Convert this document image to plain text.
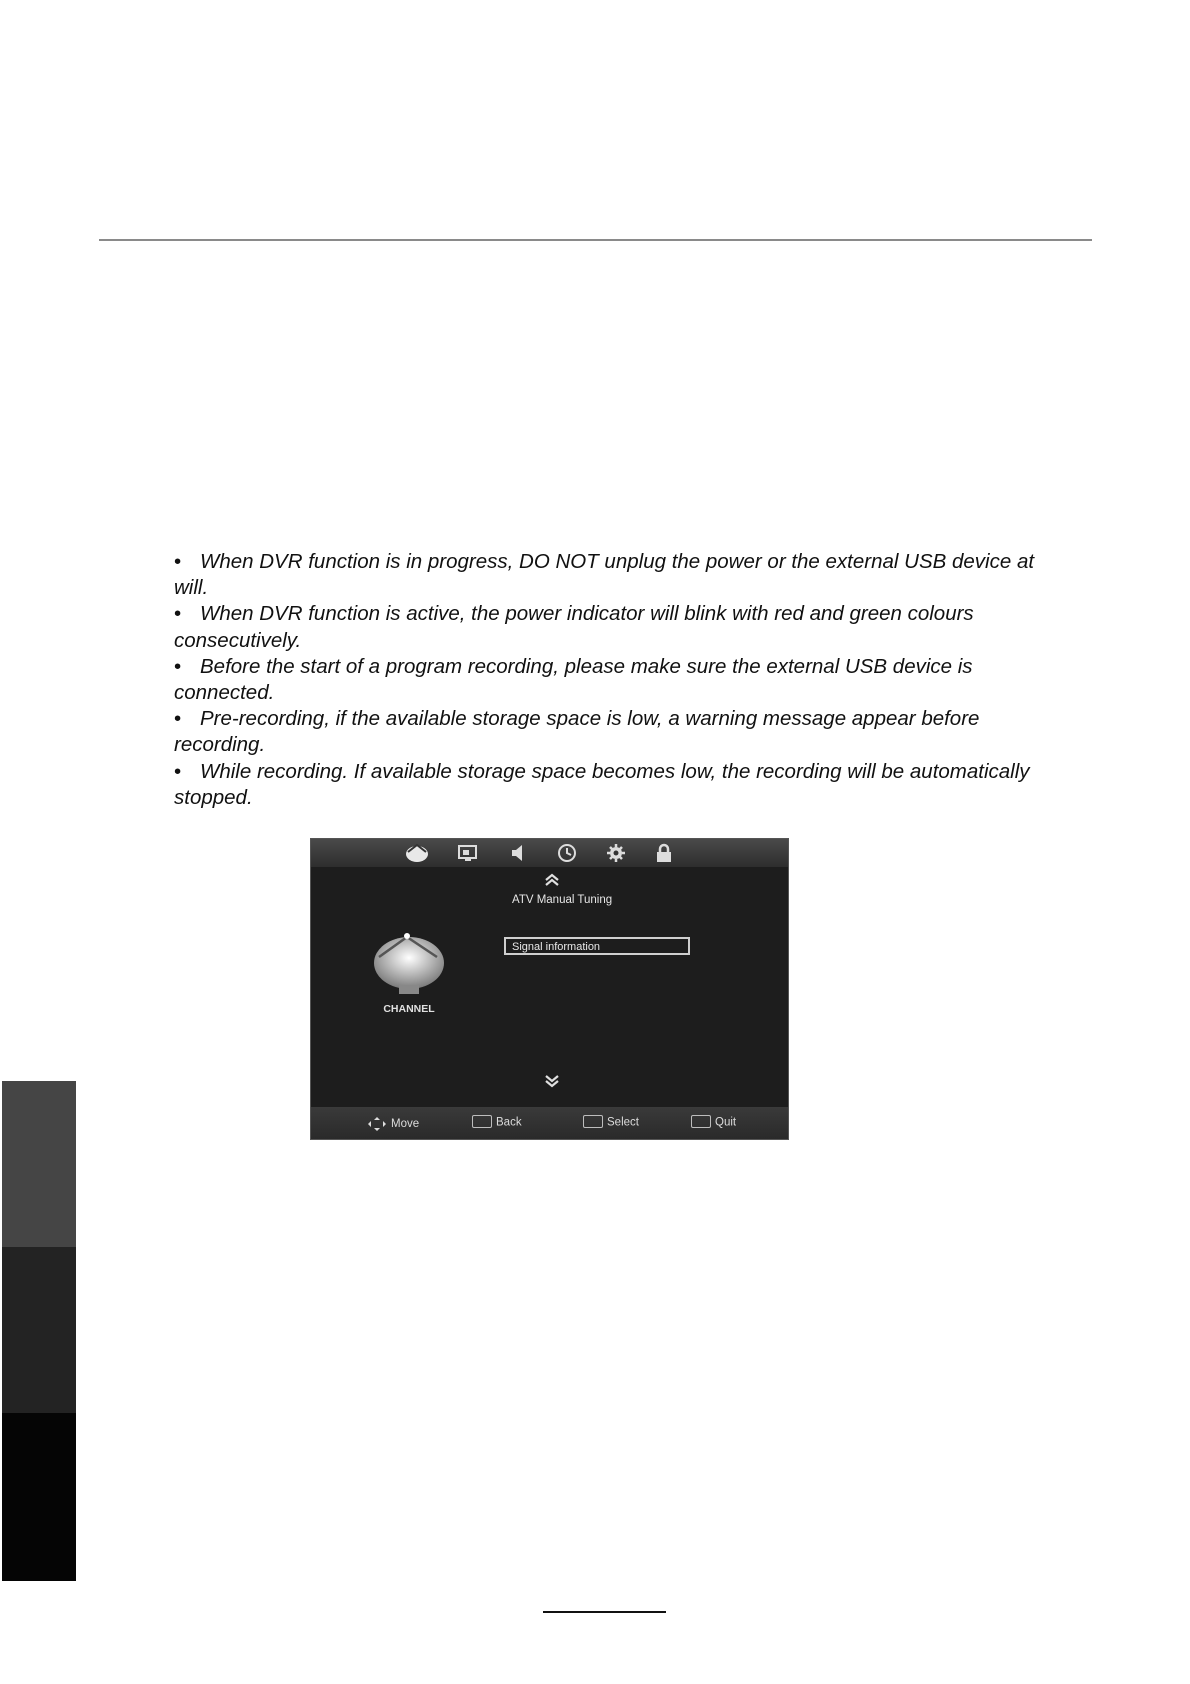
• When DVR function is in progress, DO NOT unplug the power or the external USB device at will.
• When DVR function is active, the power indicator will blink with red and green colours consecutively.
• Before the start of a program recording, please make sure the external USB device is connected.
• Pre-recording, if the available storage space is low, a warning message appear before recording.
• While recording. If available storage space becomes low, the recording will be automatically stopped.
ATV Manual Tuning
Signal information
CHANNEL
Move	Back	Select	Quit
